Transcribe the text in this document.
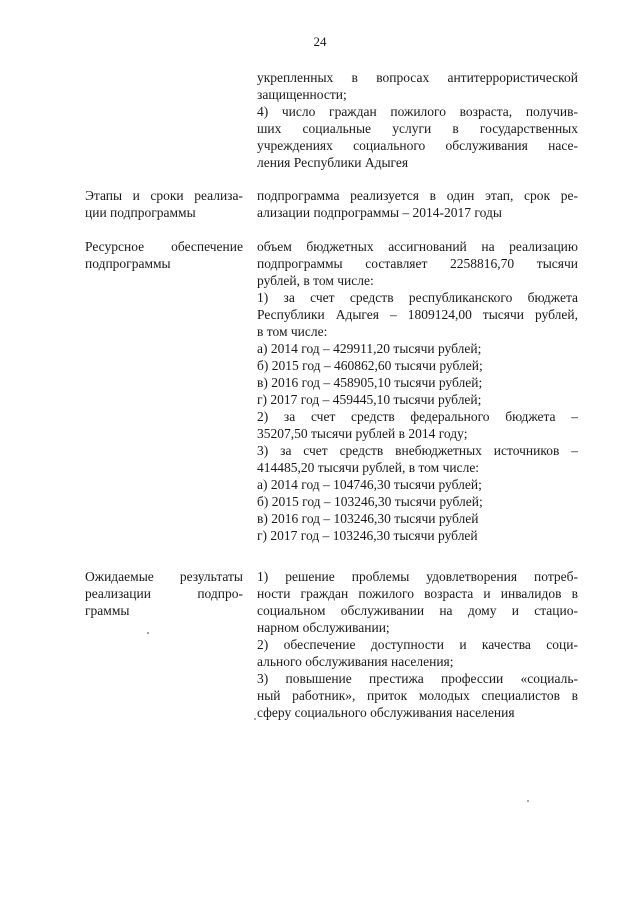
24
укрепленных в вопросах антитеррористической
защищенности;
4) число граждан пожилого возраста, получив-
ших социальные услуги в государственных
учреждениях социального обслуживания насе-
ления Республики Адыгея
Этапы и сроки реализа-
ции подпрограммы
подпрограмма реализуется в один этап, срок ре-
ализации подпрограммы – 2014-2017 годы
Ресурсное обеспечение
подпрограммы
объем бюджетных ассигнований на реализацию
подпрограммы составляет 2258816,70 тысячи
рублей, в том числе:
1) за счет средств республиканского бюджета
Республики Адыгея – 1809124,00 тысячи рублей,
в том числе:
а) 2014 год – 429911,20 тысячи рублей;
б) 2015 год – 460862,60 тысячи рублей;
в) 2016 год – 458905,10 тысячи рублей;
г) 2017 год – 459445,10 тысячи рублей;
2) за счет средств федерального бюджета –
35207,50 тысячи рублей в 2014 году;
3) за счет средств внебюджетных источников –
414485,20 тысячи рублей, в том числе:
а) 2014 год – 104746,30 тысячи рублей;
б) 2015 год – 103246,30 тысячи рублей;
в) 2016 год – 103246,30 тысячи рублей
г) 2017 год – 103246,30 тысячи рублей
Ожидаемые результаты
реализации подпро-
граммы
1) решение проблемы удовлетворения потреб-
ности граждан пожилого возраста и инвалидов в
социальном обслуживании на дому и стацио-
нарном обслуживании;
2) обеспечение доступности и качества соци-
ального обслуживания населения;
3) повышение престижа профессии «социаль-
ный работник», приток молодых специалистов в
сферу социального обслуживания населения
